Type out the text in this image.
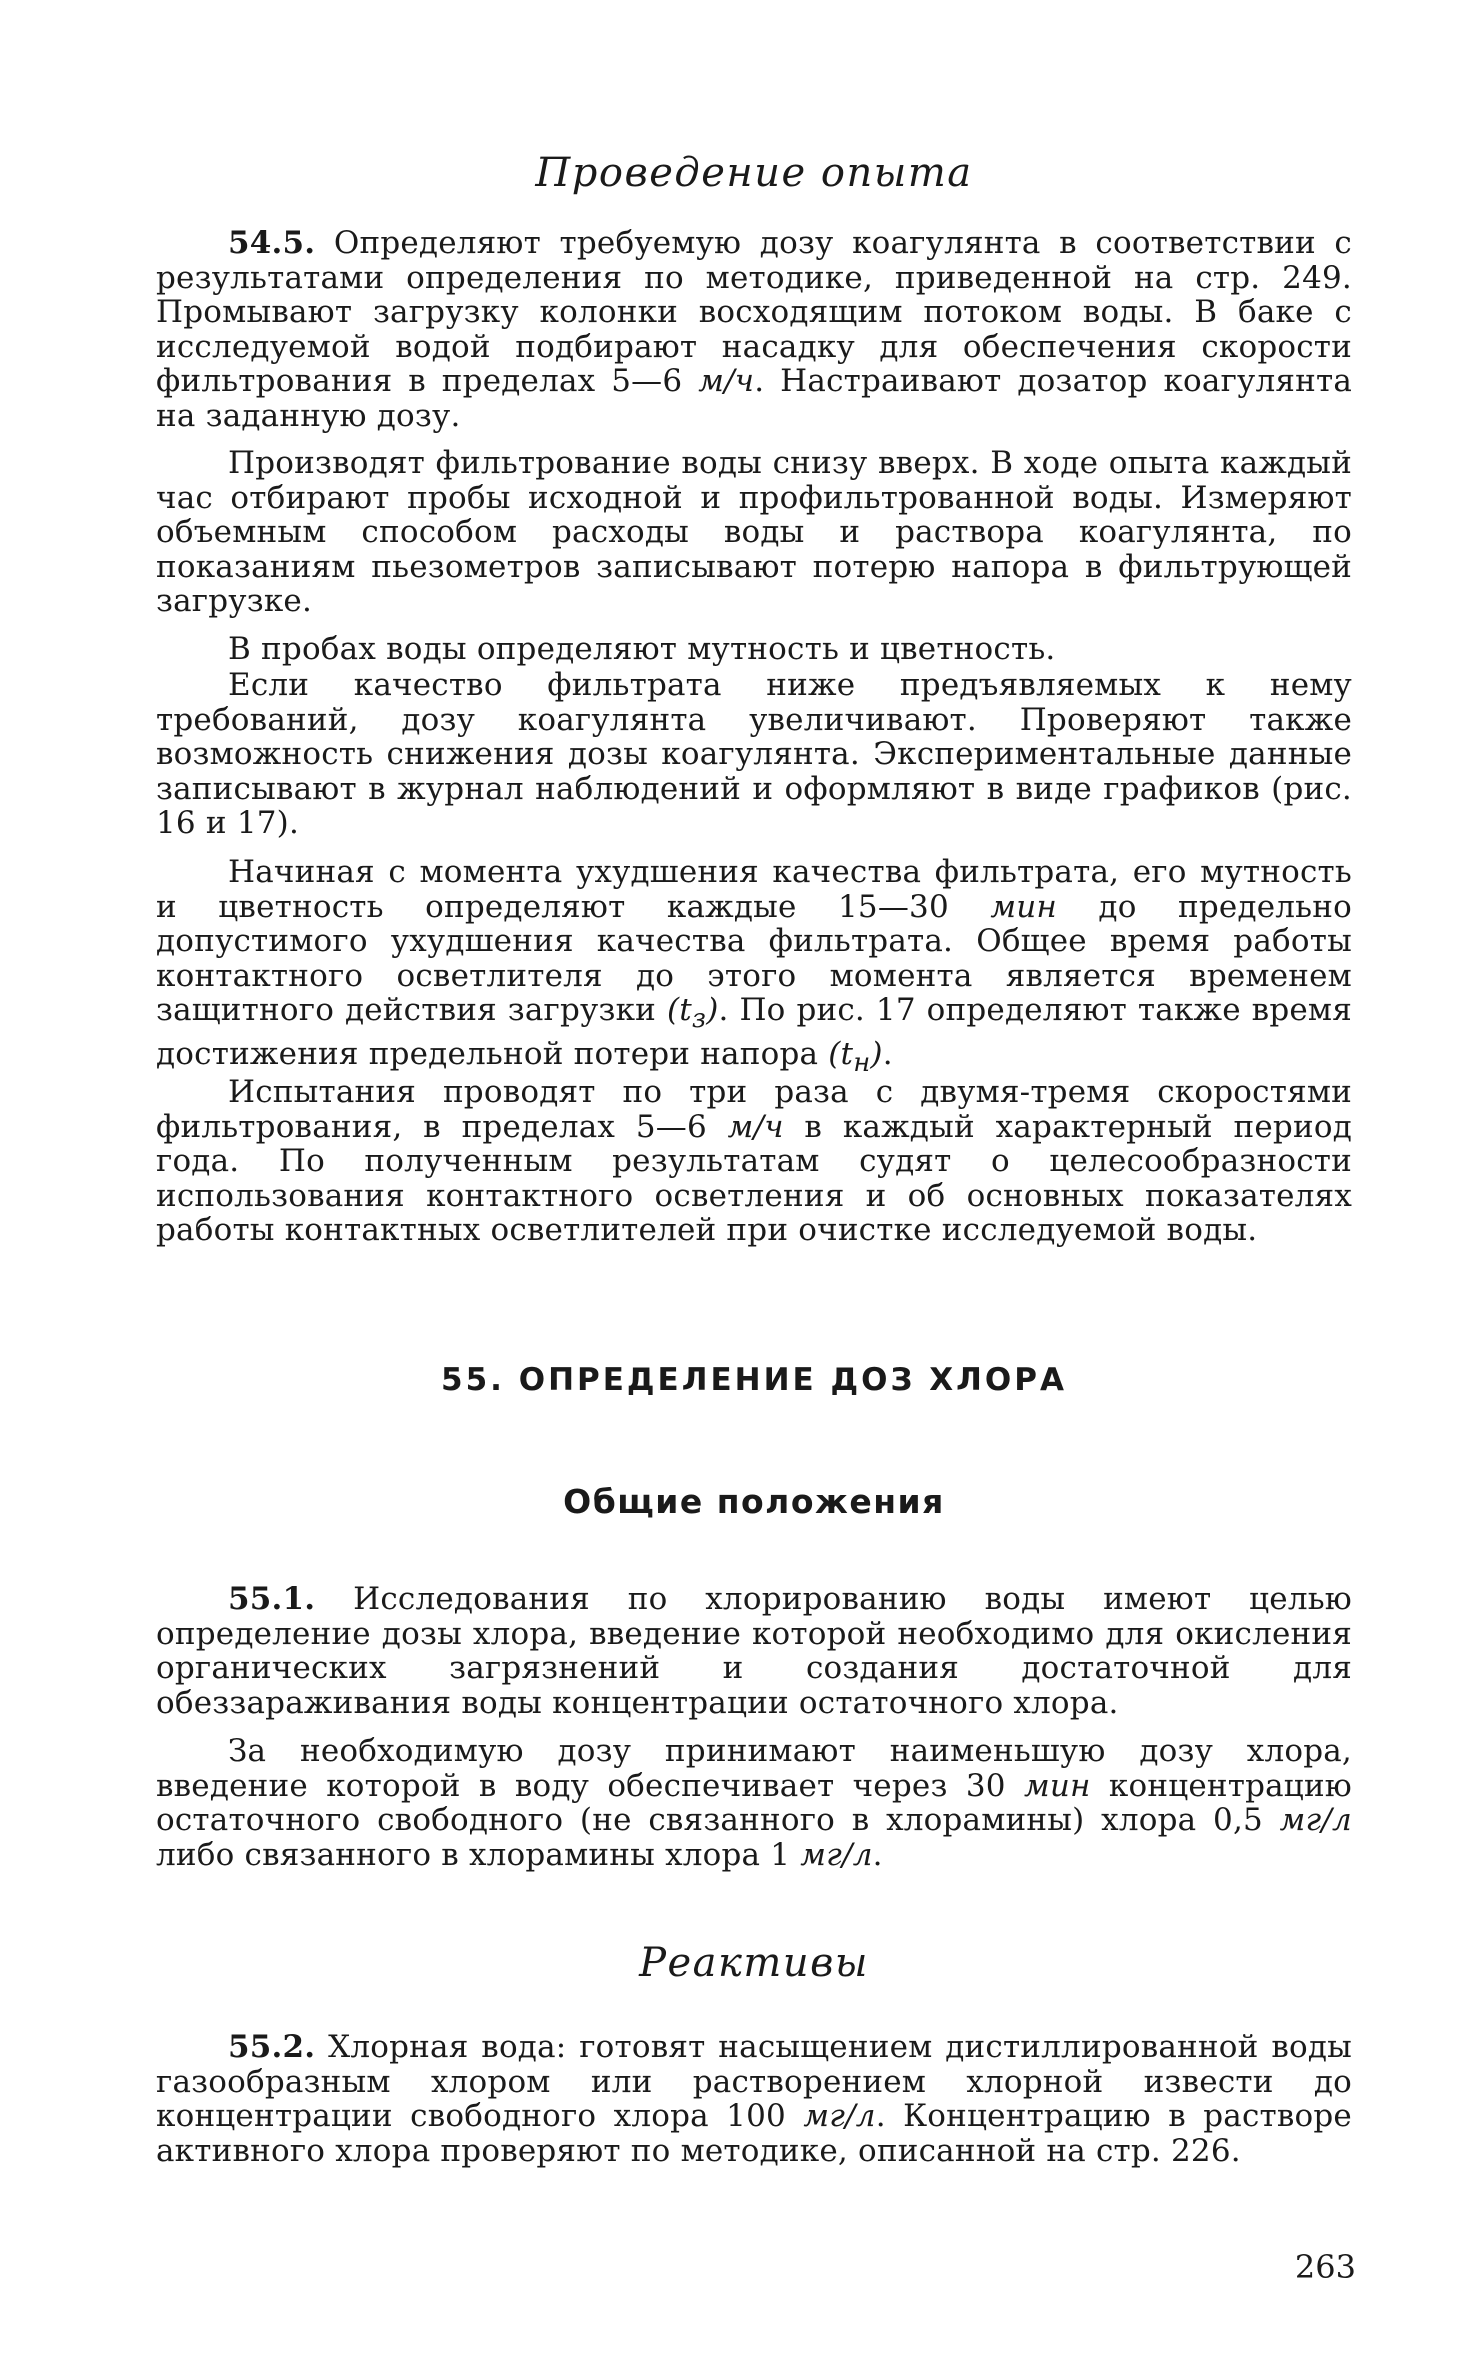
Проведение опыта

54.5. Определяют требуемую дозу коагулянта в соответствии с результатами определения по методике, приведенной на стр. 249. Промывают загрузку колонки восходящим потоком воды. В баке с исследуемой водой подбирают насадку для обеспечения скорости фильтрования в пределах 5—6 м/ч. Настраивают дозатор коагулянта на заданную дозу.

Производят фильтрование воды снизу вверх. В ходе опыта каждый час отбирают пробы исходной и профильтрованной воды. Измеряют объемным способом расходы воды и раствора коагулянта, по показаниям пьезометров записывают потерю напора в фильтрующей загрузке.

В пробах воды определяют мутность и цветность.

Если качество фильтрата ниже предъявляемых к нему требований, дозу коагулянта увеличивают. Проверяют также возможность снижения дозы коагулянта. Экспериментальные данные записывают в журнал наблюдений и оформляют в виде графиков (рис. 16 и 17).

Начиная с момента ухудшения качества фильтрата, его мутность и цветность определяют каждые 15—30 мин до предельно допустимого ухудшения качества фильтрата. Общее время работы контактного осветлителя до этого момента является временем защитного действия загрузки $(t_з)$. По рис. 17 определяют также время достижения предельной потери напора $(t_н)$.

Испытания проводят по три раза с двумя-тремя скоростями фильтрования, в пределах 5—6 м/ч в каждый характерный период года. По полученным результатам судят о целесообразности использования контактного осветления и об основных показателях работы контактных осветлителей при очистке исследуемой воды.

55. ОПРЕДЕЛЕНИЕ ДОЗ ХЛОРА
Общие положения

55.1. Исследования по хлорированию воды имеют целью определение дозы хлора, введение которой необходимо для окисления органических загрязнений и создания достаточной для обеззараживания воды концентрации остаточного хлора.

За необходимую дозу принимают наименьшую дозу хлора, введение которой в воду обеспечивает через 30 мин концентрацию остаточного свободного (не связанного в хлорамины) хлора 0,5 мг/л либо связанного в хлорамины хлора 1 мг/л.

Реактивы

55.2. Хлорная вода: готовят насыщением дистиллированной воды газообразным хлором или растворением хлорной извести до концентрации свободного хлора 100 мг/л. Концентрацию в растворе активного хлора проверяют по методике, описанной на стр. 226.

263
